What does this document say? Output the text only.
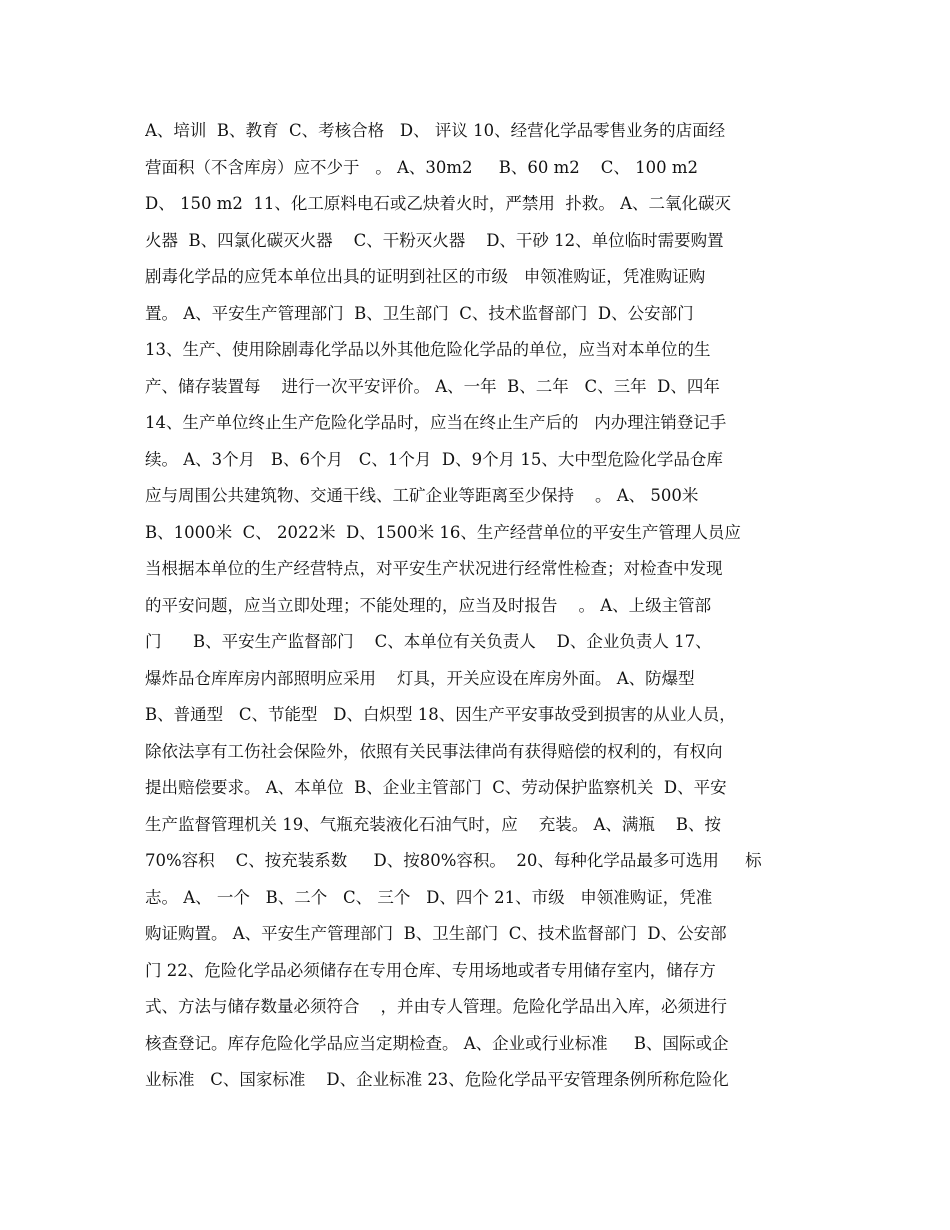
A、培训  B、教育  C、考核合格   D、 评议 10、经营化学品零售业务的店面经
营面积（不含库房）应不少于   。 A、30m2     B、60 m2    C、 100 m2
D、 150 m2  11、化工原料电石或乙炔着火时，严禁用  扑救。 A、二氧化碳灭
火器  B、四氯化碳灭火器    C、干粉灭火器    D、干砂 12、单位临时需要购置
剧毒化学品的应凭本单位出具的证明到社区的市级   申领准购证，凭准购证购
置。 A、平安生产管理部门  B、卫生部门  C、技术监督部门  D、公安部门
13、生产、使用除剧毒化学品以外其他危险化学品的单位，应当对本单位的生
产、储存装置每    进行一次平安评价。 A、一年  B、二年   C、三年  D、四年
14、生产单位终止生产危险化学品时，应当在终止生产后的   内办理注销登记手
续。 A、3个月   B、6个月   C、1个月  D、9个月 15、大中型危险化学品仓库
应与周围公共建筑物、交通干线、工矿企业等距离至少保持    。 A、 500米
B、1000米  C、 2022米  D、1500米 16、生产经营单位的平安生产管理人员应
当根据本单位的生产经营特点，对平安生产状况进行经常性检查；对检查中发现
的平安问题，应当立即处理；不能处理的，应当及时报告    。 A、上级主管部
门      B、平安生产监督部门    C、本单位有关负责人    D、企业负责人 17、
爆炸品仓库库房内部照明应采用    灯具，开关应设在库房外面。 A、防爆型
B、普通型   C、节能型   D、白炽型 18、因生产平安事故受到损害的从业人员，
除依法享有工伤社会保险外，依照有关民事法律尚有获得赔偿的权利的，有权向
提出赔偿要求。 A、本单位  B、企业主管部门  C、劳动保护监察机关  D、平安
生产监督管理机关 19、气瓶充装液化石油气时，应    充装。 A、满瓶    B、按
70%容积    C、按充装系数     D、按80%容积。  20、每种化学品最多可选用     标
志。 A、 一个   B、二个   C、 三个   D、四个 21、市级   申领准购证，凭准
购证购置。 A、平安生产管理部门  B、卫生部门  C、技术监督部门  D、公安部
门 22、危险化学品必须储存在专用仓库、专用场地或者专用储存室内，储存方
式、方法与储存数量必须符合    ，并由专人管理。危险化学品出入库，必须进行
核查登记。库存危险化学品应当定期检查。 A、企业或行业标准     B、国际或企
业标准   C、国家标准    D、企业标准 23、危险化学品平安管理条例所称危险化
